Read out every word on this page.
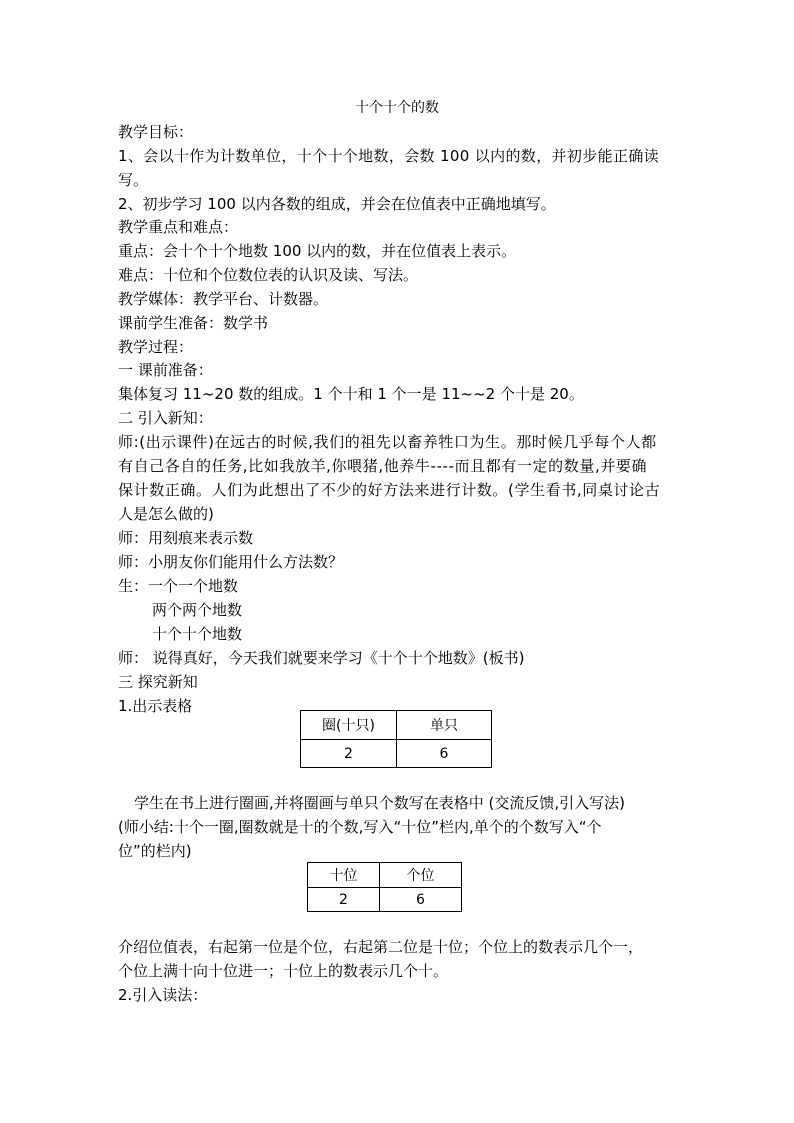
十个十个的数
教学目标：
1、会以十作为计数单位，十个十个地数，会数 100 以内的数，并初步能正确读
写。
2、初步学习 100 以内各数的组成，并会在位值表中正确地填写。
教学重点和难点：
重点：会十个十个地数 100 以内的数，并在位值表上表示。
难点：十位和个位数位表的认识及读、写法。
教学媒体：教学平台、计数器。
课前学生准备：数学书
教学过程：
一 课前准备：
集体复习 11~20 数的组成。1 个十和 1 个一是 11~~2 个十是 20。
二 引入新知：
师:(出示课件)在远古的时候,我们的祖先以畜养牲口为生。那时候几乎每个人都
有自己各自的任务,比如我放羊,你喂猪,他养牛----而且都有一定的数量,并要确
保计数正确。人们为此想出了不少的好方法来进行计数。(学生看书,同桌讨论古
人是怎么做的)
师：用刻痕来表示数
师：小朋友你们能用什么方法数？
生：一个一个地数
两个两个地数
十个十个地数
师： 说得真好，今天我们就要来学习《十个十个地数》(板书)
三 探究新知
1.出示表格
圈(十只)	单只
2	6
学生在书上进行圈画,并将圈画与单只个数写在表格中 (交流反馈,引入写法)
(师小结:十个一圈,圈数就是十的个数,写入“十位”栏内,单个的个数写入“个
位”的栏内)
十位	个位
2	6
介绍位值表，右起第一位是个位，右起第二位是十位；个位上的数表示几个一，
个位上满十向十位进一；十位上的数表示几个十。
2.引入读法：
